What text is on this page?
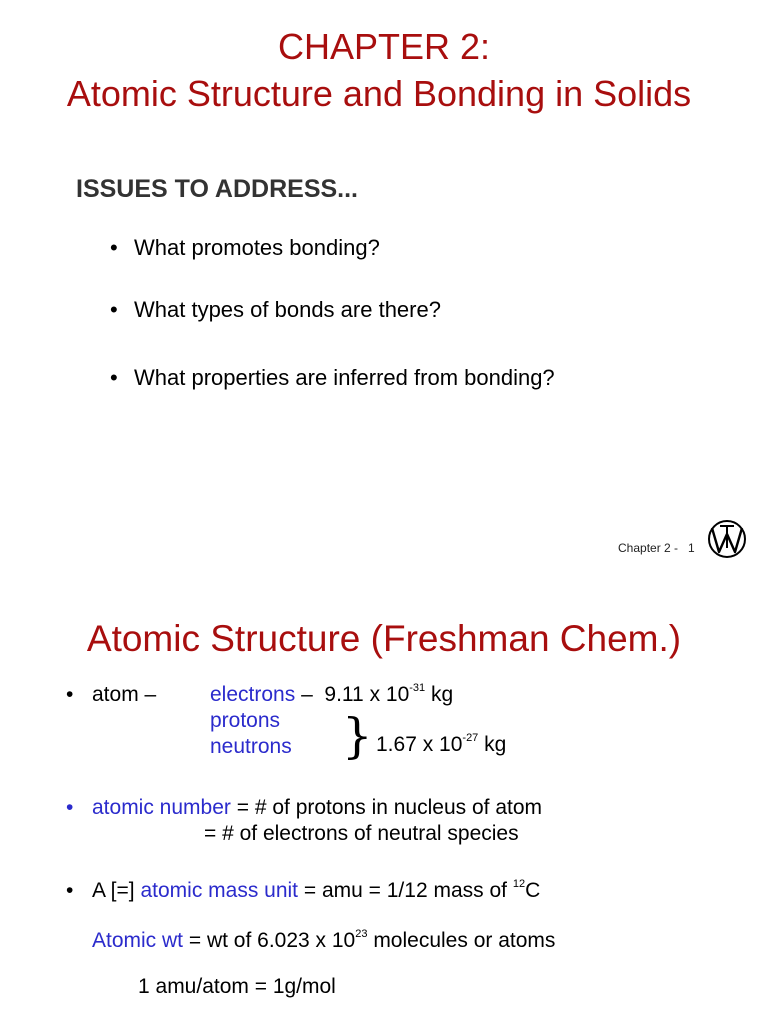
CHAPTER 2:
Atomic Structure and Bonding in Solids
ISSUES TO ADDRESS...
• What promotes bonding?
• What types of bonds are there?
• What properties are inferred from bonding?
Chapter 2 - 1
Atomic Structure (Freshman Chem.)
• atom –	electrons – 9.11 x $10^{-31}$ kg
protons
neutrons } 1.67 x $10^{-27}$ kg
• atomic number = # of protons in nucleus of atom
= # of electrons of neutral species
• A [=] atomic mass unit = amu = 1/12 mass of $^{12}$C
Atomic wt = wt of 6.023 x $10^{23}$ molecules or atoms
1 amu/atom = 1g/mol
